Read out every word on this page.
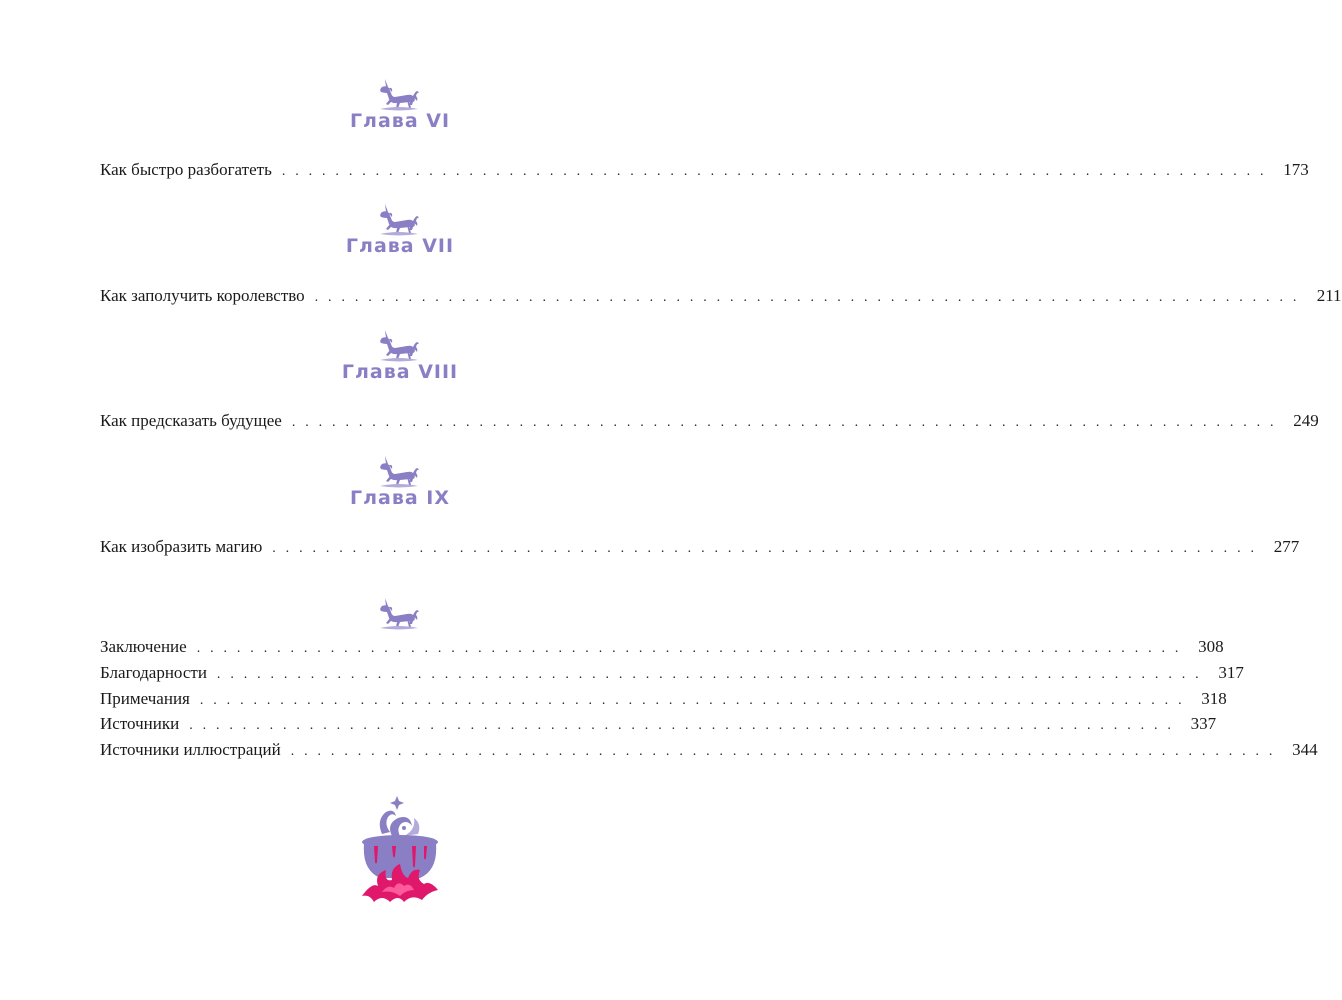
Глава VI
Как быстро разбогатеть . . . . . . . . . . . . . . . . . . . . . . . . . . . . . . . . . . . . . . . . . . . . . . . . . . . . . . . . . . . . . . . . . . . . . . . . . . 173
Глава VII
Как заполучить королевство . . . . . . . . . . . . . . . . . . . . . . . . . . . . . . . . . . . . . . . . . . . . . . . . . . . . . . . . . . . . . . . . . . . . . . . . . .	211
Глава VIII
Как предсказать будущее . . . . . . . . . . . . . . . . . . . . . . . . . . . . . . . . . . . . . . . . . . . . . . . . . . . . . . . . . . . . . . . . . . . . . . . . . . 249
Глава IX
Как изобразить магию . . . . . . . . . . . . . . . . . . . . . . . . . . . . . . . . . . . . . . . . . . . . . . . . . . . . . . . . . . . . . . . . . . . . . . . . . . 277
Заключение . . . . . . . . . . . . . . . . . . . . . . . . . . . . . . . . . . . . . . . . . . . . . . . . . . . . . . . . . . . . . . . . . . . . . . . . . . 308
Благодарности . . . . . . . . . . . . . . . . . . . . . . . . . . . . . . . . . . . . . . . . . . . . . . . . . . . . . . . . . . . . . . . . . . . . . . . . . . 317
Примечания . . . . . . . . . . . . . . . . . . . . . . . . . . . . . . . . . . . . . . . . . . . . . . . . . . . . . . . . . . . . . . . . . . . . . . . . . . 318
Источники . . . . . . . . . . . . . . . . . . . . . . . . . . . . . . . . . . . . . . . . . . . . . . . . . . . . . . . . . . . . . . . . . . . . . . . . . . 337
Источники иллюстраций . . . . . . . . . . . . . . . . . . . . . . . . . . . . . . . . . . . . . . . . . . . . . . . . . . . . . . . . . . . . . . . . . . . . . . . . . . 344
